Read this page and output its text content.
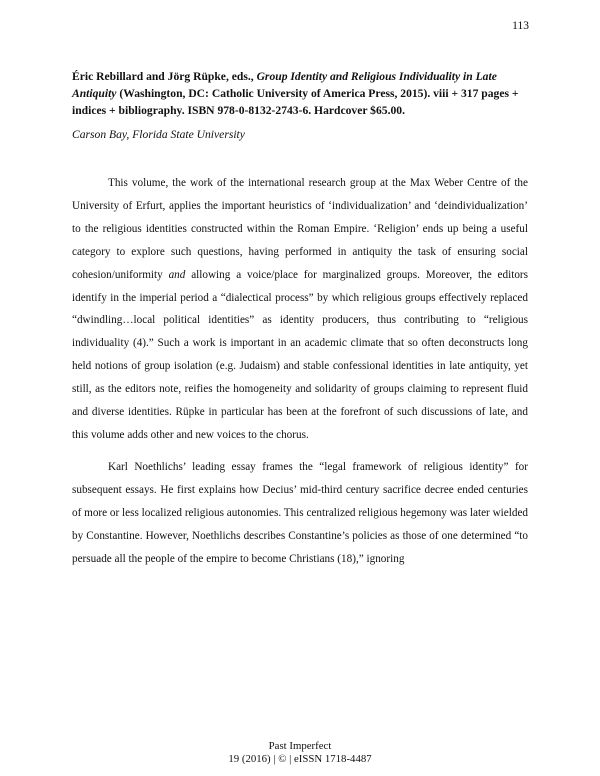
113
Éric Rebillard and Jörg Rüpke, eds., Group Identity and Religious Individuality in Late Antiquity (Washington, DC: Catholic University of America Press, 2015). viii + 317 pages + indices + bibliography. ISBN 978-0-8132-2743-6. Hardcover $65.00.
Carson Bay, Florida State University

This volume, the work of the international research group at the Max Weber Centre of the University of Erfurt, applies the important heuristics of ‘individualization’ and ‘deindividualization’ to the religious identities constructed within the Roman Empire. ‘Religion’ ends up being a useful category to explore such questions, having performed in antiquity the task of ensuring social cohesion/uniformity and allowing a voice/place for marginalized groups. Moreover, the editors identify in the imperial period a “dialectical process” by which religious groups effectively replaced “dwindling…local political identities” as identity producers, thus contributing to “religious individuality (4).” Such a work is important in an academic climate that so often deconstructs long held notions of group isolation (e.g. Judaism) and stable confessional identities in late antiquity, yet still, as the editors note, reifies the homogeneity and solidarity of groups claiming to represent fluid and diverse identities. Rüpke in particular has been at the forefront of such discussions of late, and this volume adds other and new voices to the chorus.

Karl Noethlichs’ leading essay frames the “legal framework of religious identity” for subsequent essays. He first explains how Decius’ mid-third century sacrifice decree ended centuries of more or less localized religious autonomies. This centralized religious hegemony was later wielded by Constantine. However, Noethlichs describes Constantine’s policies as those of one determined “to persuade all the people of the empire to become Christians (18),” ignoring

Past Imperfect
19 (2016) | © | eISSN 1718-4487
